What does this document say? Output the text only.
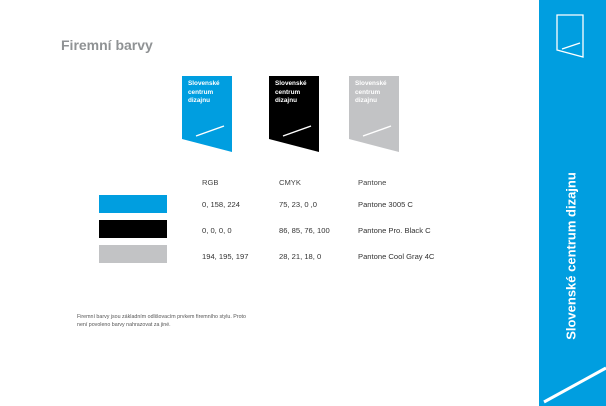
Firemní barvy
Slovenské
centrum
dizajnu
Slovenské
centrum
dizajnu
Slovenské
centrum
dizajnu
RGB	CMYK	Pantone
0, 158, 224	75, 23, 0 ,0	Pantone 3005 C
0, 0, 0, 0	86, 85, 76, 100	Pantone Pro. Black C
194, 195, 197	28, 21, 18, 0	Pantone Cool Gray 4C
Firemní barvy jsou základním odlišovacím prvkem firemního stylu. Proto
není povoleno barvy nahrazovat za jiné.	Slovenské centrum dizajnu
